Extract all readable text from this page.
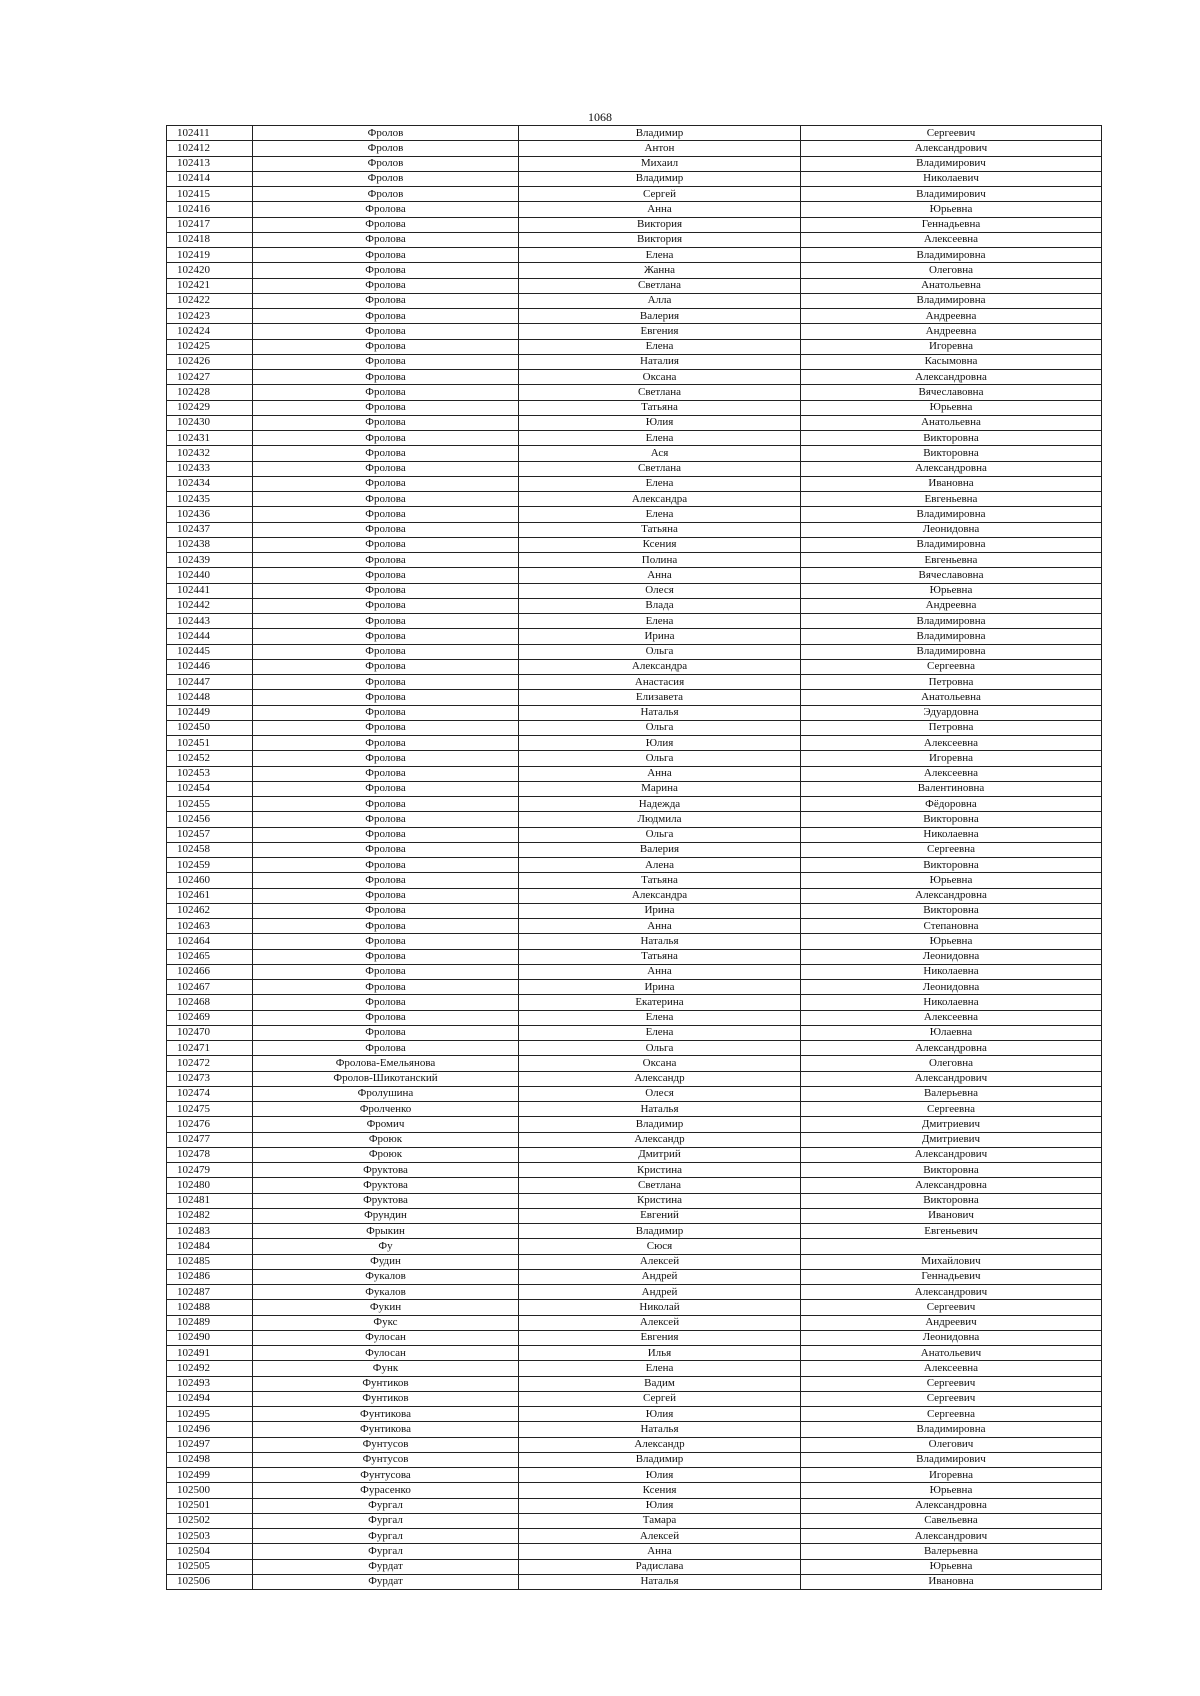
1068
102411	Фролов	Владимир	Сергеевич
102412	Фролов	Антон	Александрович
102413	Фролов	Михаил	Владимирович
102414	Фролов	Владимир	Николаевич
102415	Фролов	Сергей	Владимирович
102416	Фролова	Анна	Юрьевна
102417	Фролова	Виктория	Геннадьевна
102418	Фролова	Виктория	Алексеевна
102419	Фролова	Елена	Владимировна
102420	Фролова	Жанна	Олеговна
102421	Фролова	Светлана	Анатольевна
102422	Фролова	Алла	Владимировна
102423	Фролова	Валерия	Андреевна
102424	Фролова	Евгения	Андреевна
102425	Фролова	Елена	Игоревна
102426	Фролова	Наталия	Касымовна
102427	Фролова	Оксана	Александровна
102428	Фролова	Светлана	Вячеславовна
102429	Фролова	Татьяна	Юрьевна
102430	Фролова	Юлия	Анатольевна
102431	Фролова	Елена	Викторовна
102432	Фролова	Ася	Викторовна
102433	Фролова	Светлана	Александровна
102434	Фролова	Елена	Ивановна
102435	Фролова	Александра	Евгеньевна
102436	Фролова	Елена	Владимировна
102437	Фролова	Татьяна	Леонидовна
102438	Фролова	Ксения	Владимировна
102439	Фролова	Полина	Евгеньевна
102440	Фролова	Анна	Вячеславовна
102441	Фролова	Олеся	Юрьевна
102442	Фролова	Влада	Андреевна
102443	Фролова	Елена	Владимировна
102444	Фролова	Ирина	Владимировна
102445	Фролова	Ольга	Владимировна
102446	Фролова	Александра	Сергеевна
102447	Фролова	Анастасия	Петровна
102448	Фролова	Елизавета	Анатольевна
102449	Фролова	Наталья	Эдуардовна
102450	Фролова	Ольга	Петровна
102451	Фролова	Юлия	Алексеевна
102452	Фролова	Ольга	Игоревна
102453	Фролова	Анна	Алексеевна
102454	Фролова	Марина	Валентиновна
102455	Фролова	Надежда	Фёдоровна
102456	Фролова	Людмила	Викторовна
102457	Фролова	Ольга	Николаевна
102458	Фролова	Валерия	Сергеевна
102459	Фролова	Алена	Викторовна
102460	Фролова	Татьяна	Юрьевна
102461	Фролова	Александра	Александровна
102462	Фролова	Ирина	Викторовна
102463	Фролова	Анна	Степановна
102464	Фролова	Наталья	Юрьевна
102465	Фролова	Татьяна	Леонидовна
102466	Фролова	Анна	Николаевна
102467	Фролова	Ирина	Леонидовна
102468	Фролова	Екатерина	Николаевна
102469	Фролова	Елена	Алексеевна
102470	Фролова	Елена	Юлаевна
102471	Фролова	Ольга	Александровна
102472	Фролова-Емельянова	Оксана	Олеговна
102473	Фролов-Шикотанский	Александр	Александрович
102474	Фролушина	Олеся	Валерьевна
102475	Фролченко	Наталья	Сергеевна
102476	Фромич	Владимир	Дмитриевич
102477	Фроюк	Александр	Дмитриевич
102478	Фроюк	Дмитрий	Александрович
102479	Фруктова	Кристина	Викторовна
102480	Фруктова	Светлана	Александровна
102481	Фруктова	Кристина	Викторовна
102482	Фрундин	Евгений	Иванович
102483	Фрыкин	Владимир	Евгеньевич
102484	Фу	Сюся	
102485	Фудин	Алексей	Михайлович
102486	Фукалов	Андрей	Геннадьевич
102487	Фукалов	Андрей	Александрович
102488	Фукин	Николай	Сергеевич
102489	Фукс	Алексей	Андреевич
102490	Фулосан	Евгения	Леонидовна
102491	Фулосан	Илья	Анатольевич
102492	Функ	Елена	Алексеевна
102493	Фунтиков	Вадим	Сергеевич
102494	Фунтиков	Сергей	Сергеевич
102495	Фунтикова	Юлия	Сергеевна
102496	Фунтикова	Наталья	Владимировна
102497	Фунтусов	Александр	Олегович
102498	Фунтусов	Владимир	Владимирович
102499	Фунтусова	Юлия	Игоревна
102500	Фурасенко	Ксения	Юрьевна
102501	Фургал	Юлия	Александровна
102502	Фургал	Тамара	Савельевна
102503	Фургал	Алексей	Александрович
102504	Фургал	Анна	Валерьевна
102505	Фурдат	Радислава	Юрьевна
102506	Фурдат	Наталья	Ивановна
